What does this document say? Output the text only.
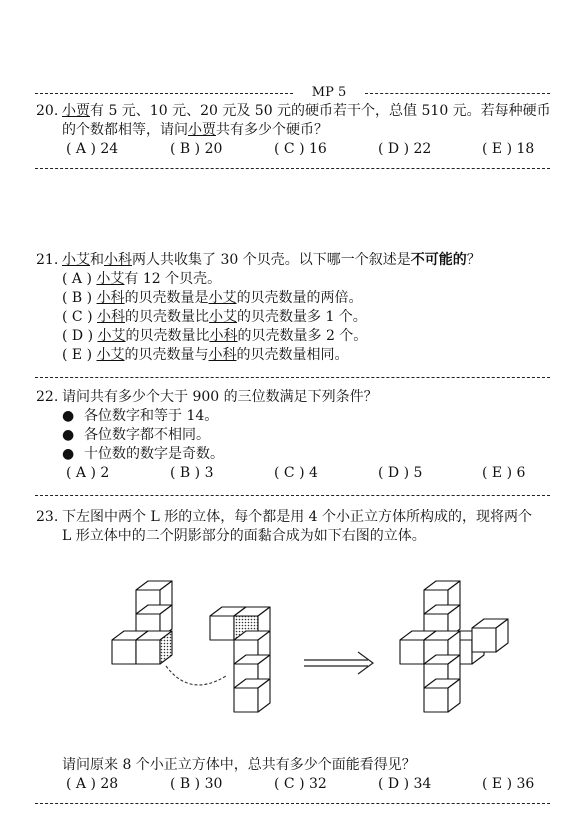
MP 5
20. 小贾有 5 元、10 元、20 元及 50 元的硬币若干个，总值 510 元。若每种硬币
的个数都相等，请问小贾共有多少个硬币？
( A ) 24	( B ) 20	( C ) 16	( D ) 22	( E ) 18
21. 小艾和小科两人共收集了 30 个贝壳。以下哪一个叙述是不可能的？
( A ) 小艾有 12 个贝壳。
( B ) 小科的贝壳数量是小艾的贝壳数量的两倍。
( C ) 小科的贝壳数量比小艾的贝壳数量多 1 个。
( D ) 小艾的贝壳数量比小科的贝壳数量多 2 个。
( E ) 小艾的贝壳数量与小科的贝壳数量相同。
22. 请问共有多少个大于 900 的三位数满足下列条件？
● 各位数字和等于 14。
● 各位数字都不相同。
● 十位数的数字是奇数。
( A ) 2	( B ) 3	( C ) 4	( D ) 5	( E ) 6
23. 下左图中两个 L 形的立体，每个都是用 4 个小正立方体所构成的，现将两个
L 形立体中的二个阴影部分的面黏合成为如下右图的立体。
请问原来 8 个小正立方体中，总共有多少个面能看得见？
( A ) 28	( B ) 30	( C ) 32	( D ) 34	( E ) 36
